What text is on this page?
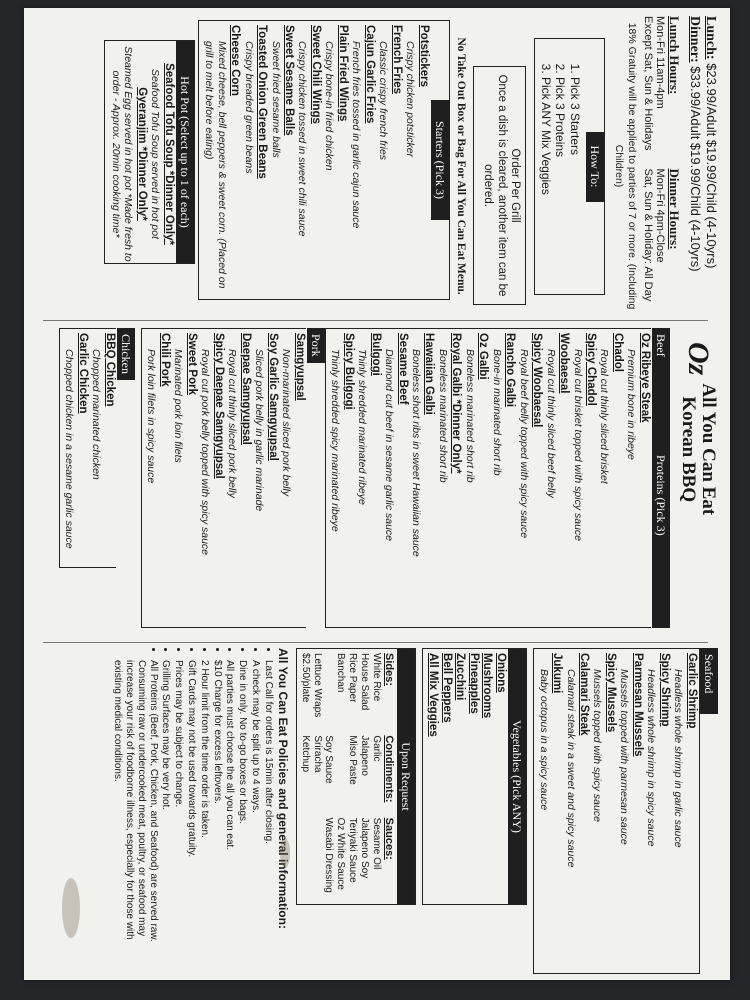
Lunch: $23.99/Adult $19.99/Child (4-10yrs)
Dinner: $33.99/Adult $19.99/Child (4-10yrs)
Lunch Hours:
Mon-Fri 11am-4pm
Except Sat, Sun & Holidays
Dinner Hours:
Mon-Fri 4pm-Close
Sat, Sun & Holiday: All Day
18% Gratuity will be applied to parties of 7 or more. (Including Children)
How To:
1. Pick 3 Starters
2. Pick 3 Proteins
3. Pick ANY Mix Veggies
Order Per Grill
Once a dish is cleared, another item can be ordered.
No Take Out Box or Bag For All You Can Eat Menu.
Starters (Pick 3)
Potstickers
Crispy chicken potsticker
French Fries
Classic crispy french fries
Cajun Garlic Fries
French fries tossed in garlic cajun sauce
Plain Fried Wings
Crispy bone-in fried chicken
Sweet Chili Wings
Crispy chicken tossed in sweet chili sauce
Sweet Sesame Balls
Sweet fried sesame balls
Toasted Onion Green Beans
Crispy breaded green beans
Cheese Corn
Mixed cheese, bell peppers & sweet corn. (Placed on grill to melt before eating)
Hot Pot (Select up to 1 of each)
Seafood Tofu Soup *Dinner Only*
Seafood Tofu Soup served in hot pot
Gyeranjim *Dinner Only*
Steamed Egg served in hot pot *Made fresh to order - Approx. 20min cooking time*
Oz
All You Can Eat
Korean BBQ
Beef
Proteins (Pick 3)
Oz Ribeye Steak
Premium bone in ribeye
Chadol
Royal cut thinly sliced brisket
Spicy Chadol
Royal cut brisket topped with spicy sauce
Woobaesal
Royal cut thinly sliced beef belly
Spicy Woobaesal
Royal beef belly topped with spicy sauce
Rancho Galbi
Bone-in marinated short rib
Oz Galbi
Boneless marinated short rib
Royal Galbi *Dinner Only*
Boneless marinated short rib
Hawaiian Galbi
Boneless short ribs in sweet Hawaiian sauce
Sesame Beef
Diamond cut beef in sesame garlic sauce
Bulgogi
Thinly shredded marinated ribeye
Spicy Bulgogi
Thinly shredded spicy marinated ribeye
Pork
Samgyupsal
Non-marinated sliced pork belly
Soy Garlic Samgyupsal
Sliced pork belly in garlic marinade
Daepae Samgyupsal
Royal cut thinly sliced pork belly
Spicy Daepae Samgyupsal
Royal cut pork belly topped with spicy sauce
Sweet Pork
Marinated pork loin filets
Chili Pork
Pork loin filets in spicy sauce
Chicken
BBQ Chicken
Chopped marinated chicken
Garlic Chicken
Chopped chicken in a sesame garlic sauce
Seafood
Garlic Shrimp
Headless whole shrimp in garlic sauce
Spicy Shrimp
Headless whole shrimp in spicy sauce
Parmesan Mussels
Mussels topped with parmesan sauce
Spicy Mussels
Mussels topped with spicy sauce
Calamari Steak
Calamari steak in a sweet and spicy sauce
Jukumi
Baby octopus in a spicy sauce
Vegetables (Pick ANY)
Onions
Mushrooms
Pineapples
Zucchini
Bell Peppers
All Mix Veggies
Upon Request
Sides:
Condiments:
Sauces:
White Rice
Garlic
Sesame Oil
House Salad
Jalapeno
Jalapeno Soy
Rice Paper
Miso Paste
Teriyaki Sauce
Banchan
Oz White Sauce
Soy Sauce
Wasabi Dressing
Lettuce Wraps
Sriracha
$2.50/plate
Ketchup
All You Can Eat Policies and general information:
• Last Call for orders is 15min after closing.
• A check may be split up to 4 ways.
• Dine in only. No to-go boxes or bags.
• All parties must choose the all you can eat.
• $10 Charge for excess leftovers.
• 2 Hour limit from the time order is taken.
• Gift Cards may not be used towards gratuity.
• Prices may be subject to change.
• Grilling Surfaces may be very hot.
• All Proteins (Beef, Pork, Chicken, and Seafood) are served raw. Consuming raw or undercooked meat, poultry, or seafood may increase your risk of foodborne illness, especially for those with existing medical conditions.
